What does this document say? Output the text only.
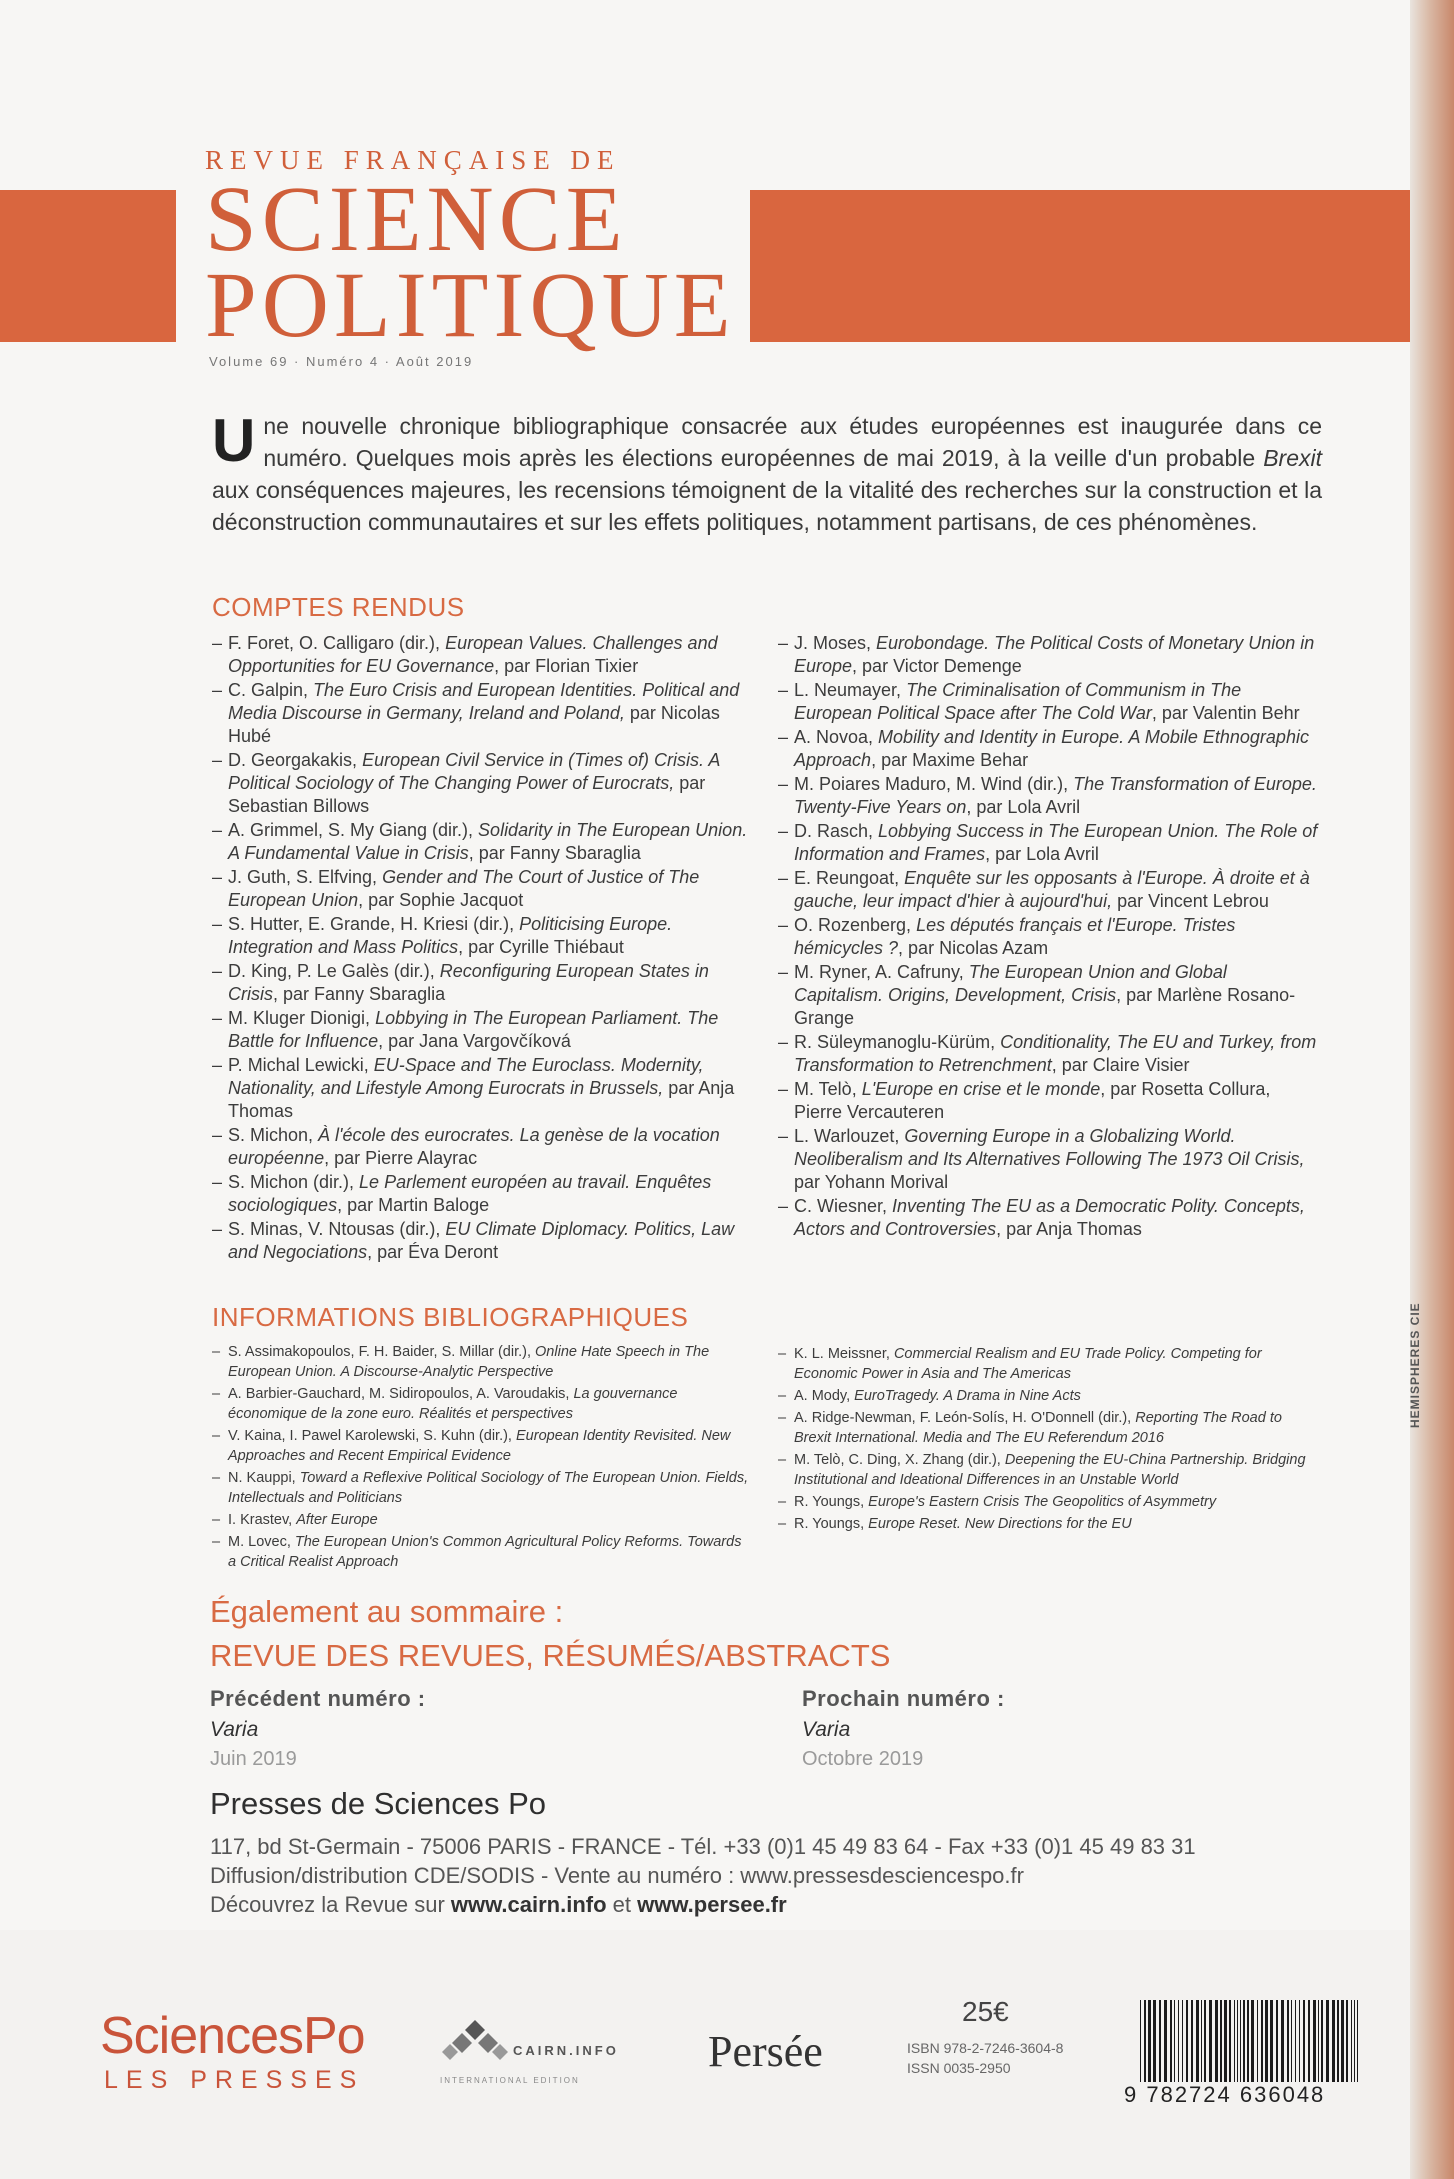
REVUE FRANÇAISE DE
SCIENCE
POLITIQUE
Volume 69 · Numéro 4 · Août 2019
Une nouvelle chronique bibliographique consacrée aux études européennes est inaugurée dans ce numéro. Quelques mois après les élections européennes de mai 2019, à la veille d'un probable Brexit aux conséquences majeures, les recensions témoignent de la vitalité des recherches sur la construction et la déconstruction communautaires et sur les effets politiques, notamment partisans, de ces phénomènes.
COMPTES RENDUS
– F. Foret, O. Calligaro (dir.), European Values. Challenges and Opportunities for EU Governance, par Florian Tixier
– C. Galpin, The Euro Crisis and European Identities. Political and Media Discourse in Germany, Ireland and Poland, par Nicolas Hubé
– D. Georgakakis, European Civil Service in (Times of) Crisis. A Political Sociology of The Changing Power of Eurocrats, par Sebastian Billows
– A. Grimmel, S. My Giang (dir.), Solidarity in The European Union. A Fundamental Value in Crisis, par Fanny Sbaraglia
– J. Guth, S. Elfving, Gender and The Court of Justice of The European Union, par Sophie Jacquot
– S. Hutter, E. Grande, H. Kriesi (dir.), Politicising Europe. Integration and Mass Politics, par Cyrille Thiébaut
– D. King, P. Le Galès (dir.), Reconfiguring European States in Crisis, par Fanny Sbaraglia
– M. Kluger Dionigi, Lobbying in The European Parliament. The Battle for Influence, par Jana Vargovčíková
– P. Michal Lewicki, EU-Space and The Euroclass. Modernity, Nationality, and Lifestyle Among Eurocrats in Brussels, par Anja Thomas
– S. Michon, À l'école des eurocrates. La genèse de la vocation européenne, par Pierre Alayrac
– S. Michon (dir.), Le Parlement européen au travail. Enquêtes sociologiques, par Martin Baloge
– S. Minas, V. Ntousas (dir.), EU Climate Diplomacy. Politics, Law and Negociations, par Éva Deront
– J. Moses, Eurobondage. The Political Costs of Monetary Union in Europe, par Victor Demenge
– L. Neumayer, The Criminalisation of Communism in The European Political Space after The Cold War, par Valentin Behr
– A. Novoa, Mobility and Identity in Europe. A Mobile Ethnographic Approach, par Maxime Behar
– M. Poiares Maduro, M. Wind (dir.), The Transformation of Europe. Twenty-Five Years on, par Lola Avril
– D. Rasch, Lobbying Success in The European Union. The Role of Information and Frames, par Lola Avril
– E. Reungoat, Enquête sur les opposants à l'Europe. À droite et à gauche, leur impact d'hier à aujourd'hui, par Vincent Lebrou
– O. Rozenberg, Les députés français et l'Europe. Tristes hémicycles ?, par Nicolas Azam
– M. Ryner, A. Cafruny, The European Union and Global Capitalism. Origins, Development, Crisis, par Marlène Rosano-Grange
– R. Süleymanoglu-Kürüm, Conditionality, The EU and Turkey, from Transformation to Retrenchment, par Claire Visier
– M. Telò, L'Europe en crise et le monde, par Rosetta Collura, Pierre Vercauteren
– L. Warlouzet, Governing Europe in a Globalizing World. Neoliberalism and Its Alternatives Following The 1973 Oil Crisis, par Yohann Morival
– C. Wiesner, Inventing The EU as a Democratic Polity. Concepts, Actors and Controversies, par Anja Thomas
INFORMATIONS BIBLIOGRAPHIQUES
– S. Assimakopoulos, F. H. Baider, S. Millar (dir.), Online Hate Speech in The European Union. A Discourse-Analytic Perspective
– A. Barbier-Gauchard, M. Sidiropoulos, A. Varoudakis, La gouvernance économique de la zone euro. Réalités et perspectives
– V. Kaina, I. Pawel Karolewski, S. Kuhn (dir.), European Identity Revisited. New Approaches and Recent Empirical Evidence
– N. Kauppi, Toward a Reflexive Political Sociology of The European Union. Fields, Intellectuals and Politicians
– I. Krastev, After Europe
– M. Lovec, The European Union's Common Agricultural Policy Reforms. Towards a Critical Realist Approach
– K. L. Meissner, Commercial Realism and EU Trade Policy. Competing for Economic Power in Asia and The Americas
– A. Mody, EuroTragedy. A Drama in Nine Acts
– A. Ridge-Newman, F. León-Solís, H. O'Donnell (dir.), Reporting The Road to Brexit International. Media and The EU Referendum 2016
– M. Telò, C. Ding, X. Zhang (dir.), Deepening the EU-China Partnership. Bridging Institutional and Ideational Differences in an Unstable World
– R. Youngs, Europe's Eastern Crisis The Geopolitics of Asymmetry
– R. Youngs, Europe Reset. New Directions for the EU
Également au sommaire :
REVUE DES REVUES, RÉSUMÉS/ABSTRACTS
Précédent numéro :
Varia
Juin 2019
Prochain numéro :
Varia
Octobre 2019
Presses de Sciences Po
117, bd St-Germain - 75006 PARIS - FRANCE - Tél. +33 (0)1 45 49 83 64 - Fax +33 (0)1 45 49 83 31
Diffusion/distribution CDE/SODIS - Vente au numéro : www.pressesdesciencespo.fr
Découvrez la Revue sur www.cairn.info et www.persee.fr
HEMISPHERES CIE
SciencesPo
LES PRESSES
CAIRN.INFO
INTERNATIONAL EDITION
Persée
25€
ISBN 978-2-7246-3604-8
ISSN 0035-2950
9 782724 636048
